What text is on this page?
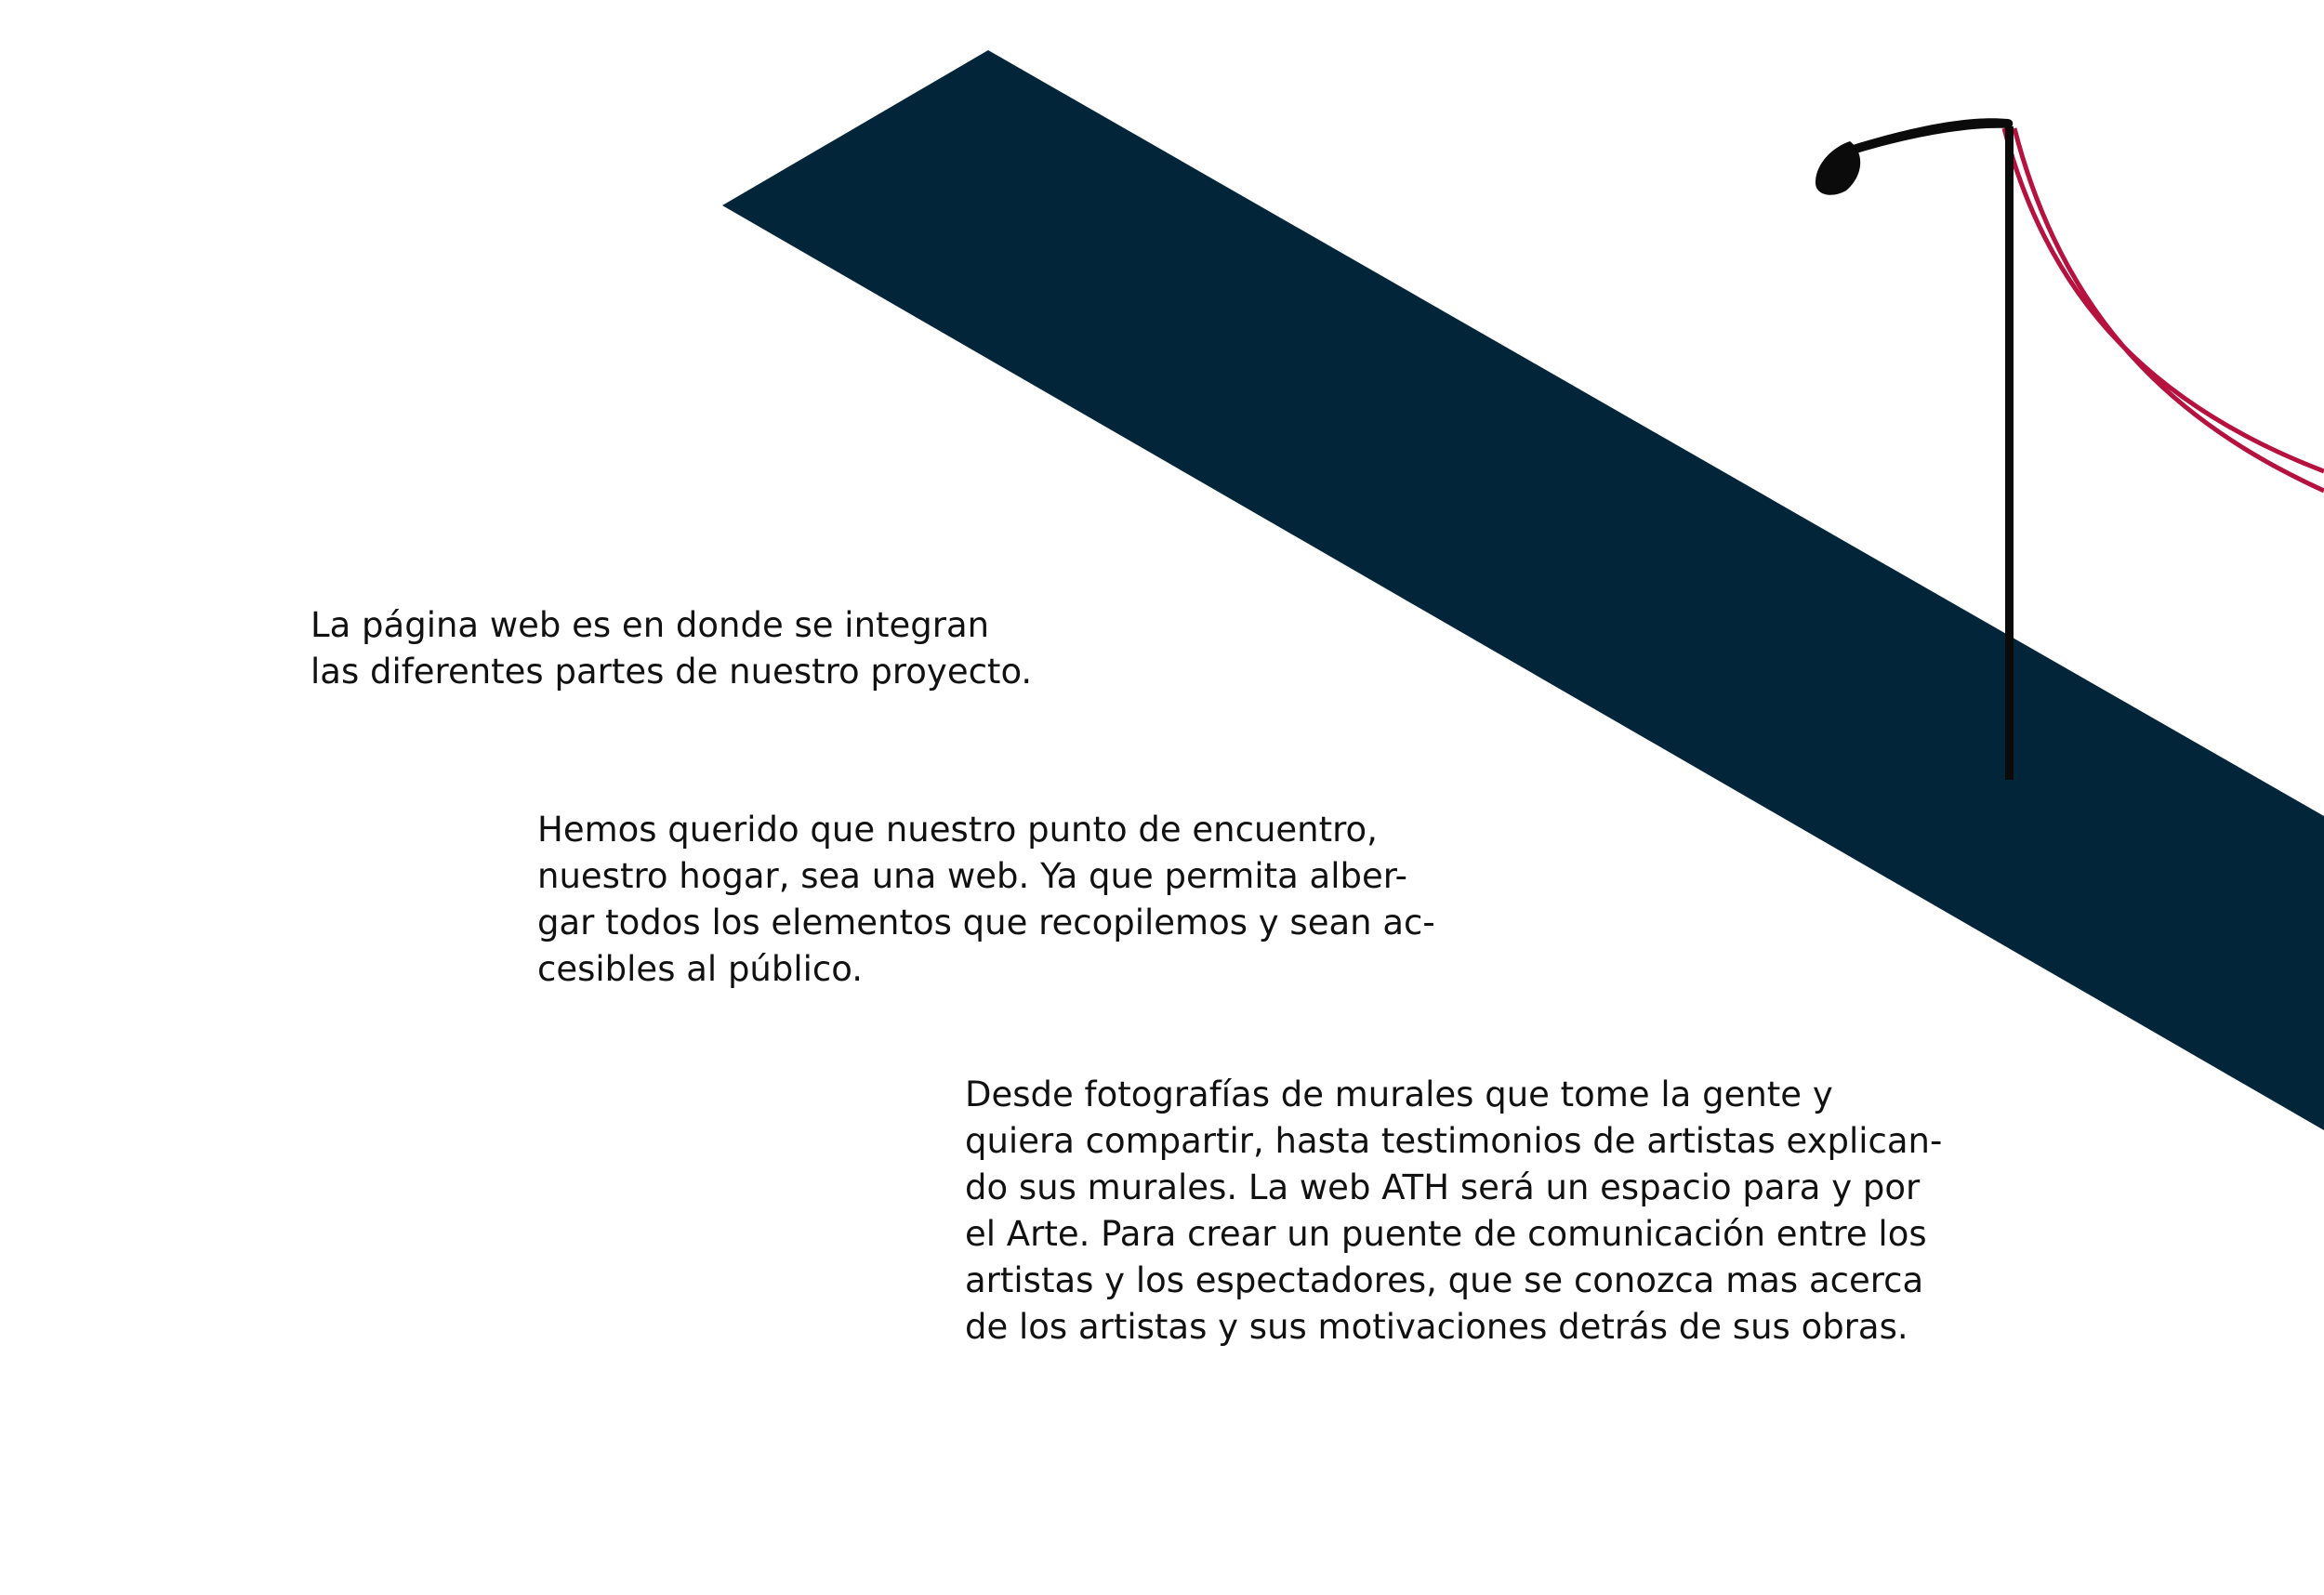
La página web es en donde se integran
las diferentes partes de nuestro proyecto.

Hemos querido que nuestro punto de encuentro,
nuestro hogar, sea una web. Ya que permita alber-
gar todos los elementos que recopilemos y sean ac-
cesibles al público.

Desde fotografías de murales que tome la gente y
quiera compartir, hasta testimonios de artistas explican-
do sus murales. La web ATH será un espacio para y por
el Arte. Para crear un puente de comunicación entre los
artistas y los espectadores, que se conozca mas acerca
de los artistas y sus motivaciones detrás de sus obras.
